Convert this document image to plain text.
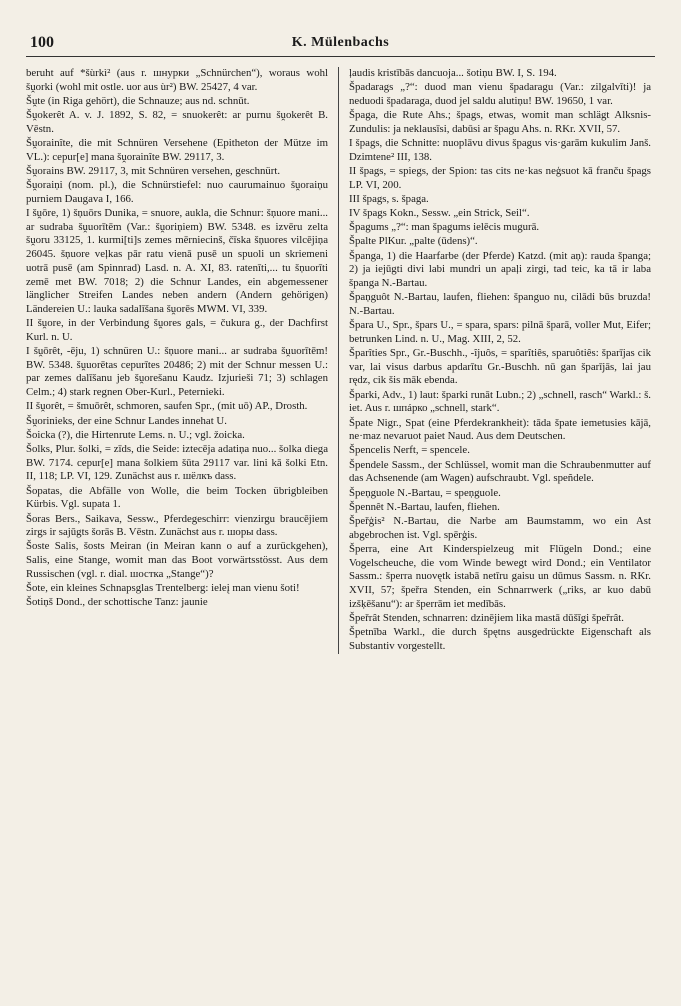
100	K. Mülenbachs
beruht auf *šùrkì² (aus r. шнурки „Schnürchen“), woraus wohl šṷorki (wohl mit ostle. uor aus ùr²) BW. 25427, 4 var.
Šṷte (in Riga gehört), die Schnauze; aus nd. schnūt.
Šṷokerêt A. v. J. 1892, S. 82, = snuokerêt: ar purnu šṷokerêt B. Vēstn.
Šṷorainîte, die mit Schnüren Versehene (Epitheton der Mütze im VL.): cepur[e] mana šṷorainîte BW. 29117, 3.
Šṷorains BW. 29117, 3, mit Schnüren versehen, geschnürt.
Šṷoraiṇi (nom. pl.), die Schnürstiefel: nuo caurumainuo šṷoraiņu purniem Daugava I, 166.
I šṷōre, 1) šņuōrs Dunika, = snuore, aukla, die Schnur: šņuore mani... ar sudraba šṷuorītēm (Var.: šṷoriņiem) BW. 5348. es izvēru zelta šṷoru 33125, 1. kurmi[ti]s zemes mērniecinš, čīska šņuores vilcējiņa 26045. šņuore veļkas pār ratu vienā pusē un spuoli un skriemeni uotrā pusē (am Spinnrad) Lasd. n. A. XI, 83. ratenīti,... tu šņuorīti zemē met BW. 7018; 2) die Schnur Landes, ein abgemessener länglicher Streifen Landes neben andern (Andern gehörigen) Ländereien U.: lauka sadalīšana šṷorēs MWM. VI, 339.
II šṷore, in der Verbindung šṷores gals, = čukura g., der Dachfirst Kurl. n. U.
I šṷōrêt, -ēju, 1) schnüren U.: šņuore mani... ar sudraba šṷuorītēm! BW. 5348. šṷuorētas cepurītes 20486; 2) mit der Schnur messen U.: par zemes dalīšanu jeb šṷorešanu Kaudz. Izjurieši 71; 3) schlagen Celm.; 4) stark regnen Ober-Kurl., Peternieki.
II šṷorêt, = šmuōrêt, schmoren, saufen Spr., (mit uō) AP., Drosth.
Šṷorinieks, der eine Schnur Landes innehat U.
Šoicka (?), die Hirtenrute Lems. n. U.; vgl. žoicka.
Šolks, Plur. šolki, = zīds, die Seide: iztecēja adatiņa nuo... šolka diega BW. 7174. cepur[e] mana šolkiem šūta 29117 var. lini kā šolki Etn. II, 118; LP. VI, 129. Zunächst aus r. шёлкъ dass.
Šopatas, die Abfälle von Wolle, die beim Tocken übrigbleiben Kürbis. Vgl. supata 1.
Šoras Bers., Saikava, Sessw., Pferdegeschirr: vienzirgu braucējiem zirgs ir sajūgts šorās B. Vēstn. Zunächst aus r. шоры dass.
Šoste Salis, šosts Meiran (in Meiran kann o auf a zurückgehen), Salis, eine Stange, womit man das Boot vorwärtsstösst. Aus dem Russischen (vgl. r. dial. шостка „Stange“)?
Šote, ein kleines Schnapsglas Trentelberg: ieleį man vienu šoti!
Šotiņš Dond., der schottische Tanz: jaunie
ļaudis kristībās dancuoja... šotiņu BW. I, S. 194.
Špadarags „?“: duod man vienu špadaragu (Var.: zilgalvīti)! ja neduodi špadaraga, duod jel saldu alutiņu! BW. 19650, 1 var.
Špaga, die Rute Ahs.; špags, etwas, womit man schlägt Alksnis-Zundulis: ja neklausīsi, dabūsi ar špagu Ahs. n. RKr. XVII, 57.
I špags, die Schnitte: nuoplāvu divus špagus vis·garām kukulim Janš. Dzimtene² III, 138.
II špags, = spiegs, der Spion: tas cits ne·kas neģsuot kā franču špags LP. VI, 200.
III špags, s. špaga.
IV špags Kokn., Sessw. „ein Strick, Seil“.
Špagums „?“: man špagums ielēcis mugurā.
Špalte PlKur. „palte (ūdens)“.
Španga, 1) die Haarfarbe (der Pferde) Katzd. (mit aņ): rauda španga; 2) ja iejūgti divi labi mundri un apaļi zirgi, tad teic, ka tā ir laba španga N.-Bartau.
Špaņguôt N.-Bartau, laufen, fliehen: španguo nu, cilādi būs bruzda! N.-Bartau.
Špara U., Spr., špars U., = spara, spars: pilnā šparā, voller Mut, Eifer; betrunken Lind. n. U., Mag. XIII, 2, 52.
Šparîties Spr., Gr.-Buschh., -îjuôs, = sparîtiês, sparuôtiês: šparījas cik var, lai visus darbus apdarītu Gr.-Buschh. nū gan šparījās, lai jau rędz, cik šis māk ebenda.
Šparki, Adv., 1) laut: šparki runāt Lubn.; 2) „schnell, rasch“ Warkl.: š. iet. Aus r. шпáрко „schnell, stark“.
Špate Nigr., Spat (eine Pferdekrankheit): tāda špate iemetusies kājā, ne·maz nevaruot paiet Naud. Aus dem Deutschen.
Špencelis Nerft, = spencele.
Špendele Sassm., der Schlüssel, womit man die Schraubenmutter auf das Achsenende (am Wagen) aufschraubt. Vgl. speñdele.
Špeņguole N.-Bartau, = speņguole.
Špennêt N.-Bartau, laufen, fliehen.
Špeřģis² N.-Bartau, die Narbe am Baumstamm, wo ein Ast abgebrochen ist. Vgl. spērģis.
Šperra, eine Art Kinderspielzeug mit Flügeln Dond.; eine Vogelscheuche, die vom Winde bewegt wird Dond.; ein Ventilator Sassm.: šperra nuovętk istabā netīru gaisu un dūmus Sassm. n. RKr. XVII, 57; špeřra Stenden, ein Schnarrwerk („riks, ar kuo dabū izšķēšanu“): ar šperrām iet medībās.
Špeřrât Stenden, schnarren: dzinējiem lika mastā dūšīgi špeřrât.
Špetnība Warkl., die durch špętns ausgedrückte Eigenschaft als Substantiv vorgestellt.
